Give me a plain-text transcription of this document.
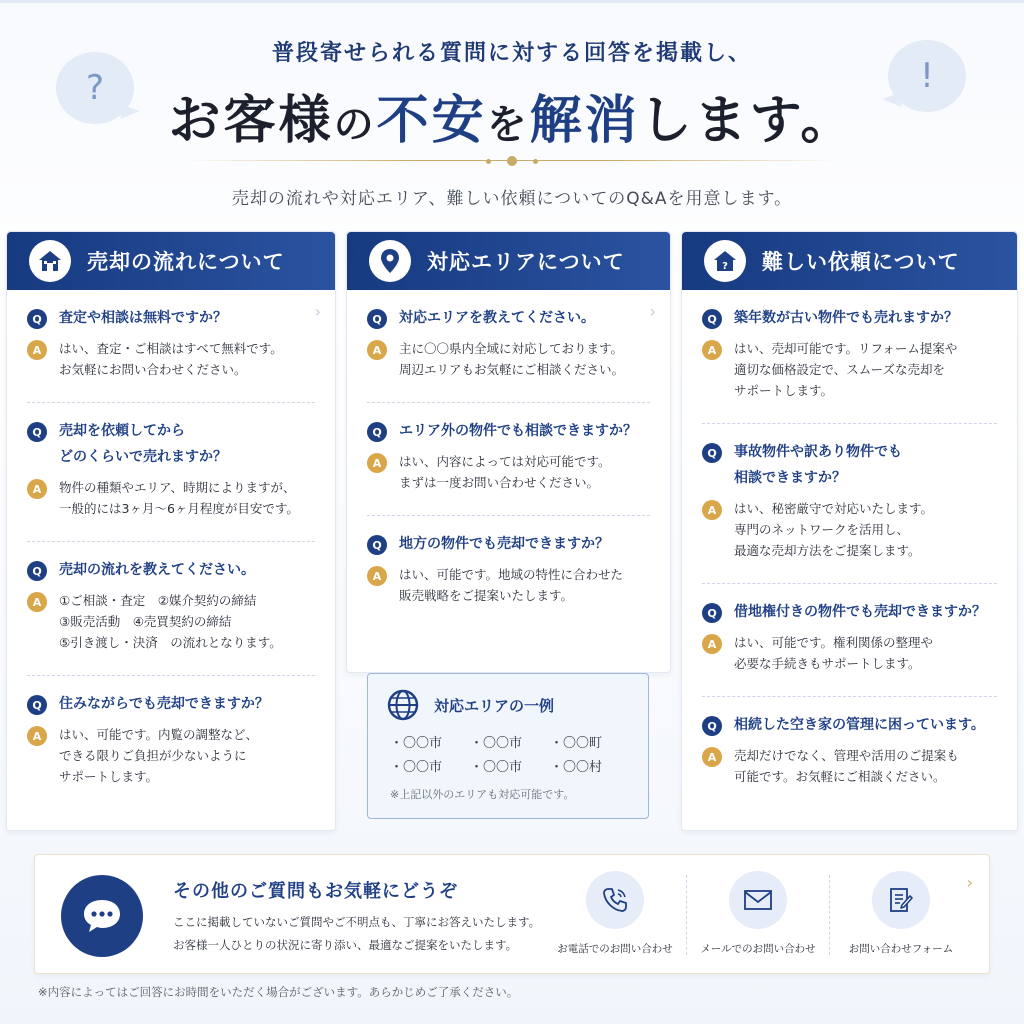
?	!
普段寄せられる質問に対する回答を掲載し、
お客様の不安を解消します。
売却の流れや対応エリア、難しい依頼についてのQ&Aを用意します。
売却の流れについて
›
Q	査定や相談は無料ですか？
A	はい、査定・ご相談はすべて無料です。
お気軽にお問い合わせください。
Q	売却を依頼してから
どのくらいで売れますか？
A	物件の種類やエリア、時期によりますが、
一般的には3ヶ月〜6ヶ月程度が目安です。
Q	売却の流れを教えてください。
A	①ご相談・査定　②媒介契約の締結
③販売活動　④売買契約の締結
⑤引き渡し・決済　の流れとなります。
Q	住みながらでも売却できますか？
A	はい、可能です。内覧の調整など、
できる限りご負担が少ないように
サポートします。
対応エリアについて
›
Q	対応エリアを教えてください。
A	主に〇〇県内全域に対応しております。
周辺エリアもお気軽にご相談ください。
Q	エリア外の物件でも相談できますか？
A	はい、内容によっては対応可能です。
まずは一度お問い合わせください。
Q	地方の物件でも売却できますか？
A	はい、可能です。地域の特性に合わせた
販売戦略をご提案いたします。
? 難しい依頼について
Q	築年数が古い物件でも売れますか？
A	はい、売却可能です。リフォーム提案や
適切な価格設定で、スムーズな売却を
サポートします。
Q	事故物件や訳あり物件でも
相談できますか？
A	はい、秘密厳守で対応いたします。
専門のネットワークを活用し、
最適な売却方法をご提案します。
Q	借地権付きの物件でも売却できますか？
A	はい、可能です。権利関係の整理や
必要な手続きもサポートします。
Q	相続した空き家の管理に困っています。
A	売却だけでなく、管理や活用のご提案も
可能です。お気軽にご相談ください。
対応エリアの一例
・〇〇市	・〇〇市	・〇〇町
・〇〇市	・〇〇市	・〇〇村
※上記以外のエリアも対応可能です。
›
その他のご質問もお気軽にどうぞ
ここに掲載していないご質問やご不明点も、丁寧にお答えいたします。
お客様一人ひとりの状況に寄り添い、最適なご提案をいたします。	お電話でのお問い合わせ	メールでのお問い合わせ	お問い合わせフォーム
※内容によってはご回答にお時間をいただく場合がございます。あらかじめご了承ください。
